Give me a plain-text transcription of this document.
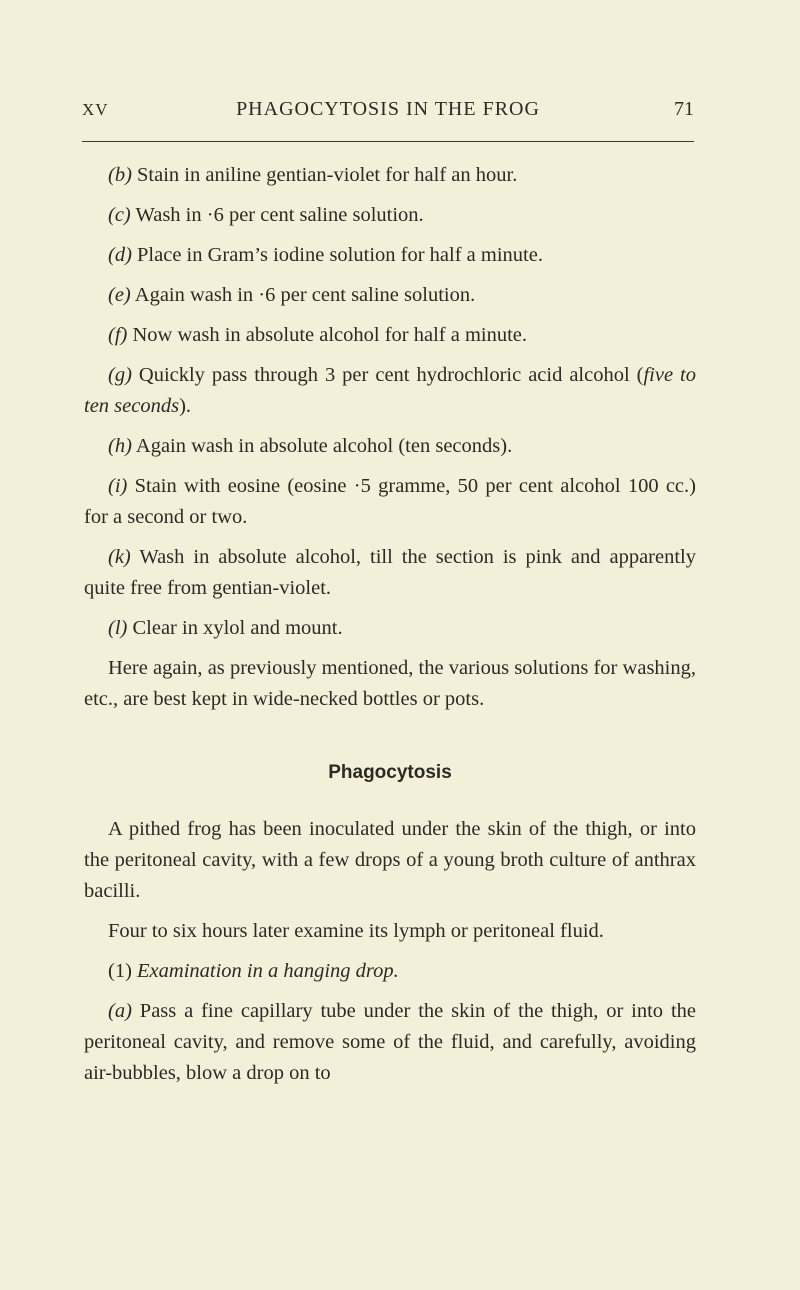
XV	PHAGOCYTOSIS IN THE FROG	71

(b) Stain in aniline gentian-violet for half an hour.

(c) Wash in ·6 per cent saline solution.

(d) Place in Gram’s iodine solution for half a minute.

(e) Again wash in ·6 per cent saline solution.

(f) Now wash in absolute alcohol for half a minute.

(g) Quickly pass through 3 per cent hydrochloric acid alcohol (five to ten seconds).

(h) Again wash in absolute alcohol (ten seconds).

(i) Stain with eosine (eosine ·5 gramme, 50 per cent alcohol 100 cc.) for a second or two.

(k) Wash in absolute alcohol, till the section is pink and apparently quite free from gentian-violet.

(l) Clear in xylol and mount.

Here again, as previously mentioned, the various solutions for washing, etc., are best kept in wide-necked bottles or pots.

Phagocytosis

A pithed frog has been inoculated under the skin of the thigh, or into the peritoneal cavity, with a few drops of a young broth culture of anthrax bacilli.

Four to six hours later examine its lymph or peritoneal fluid.

(1) Examination in a hanging drop.

(a) Pass a fine capillary tube under the skin of the thigh, or into the peritoneal cavity, and remove some of the fluid, and carefully, avoiding air-bubbles, blow a drop on to
